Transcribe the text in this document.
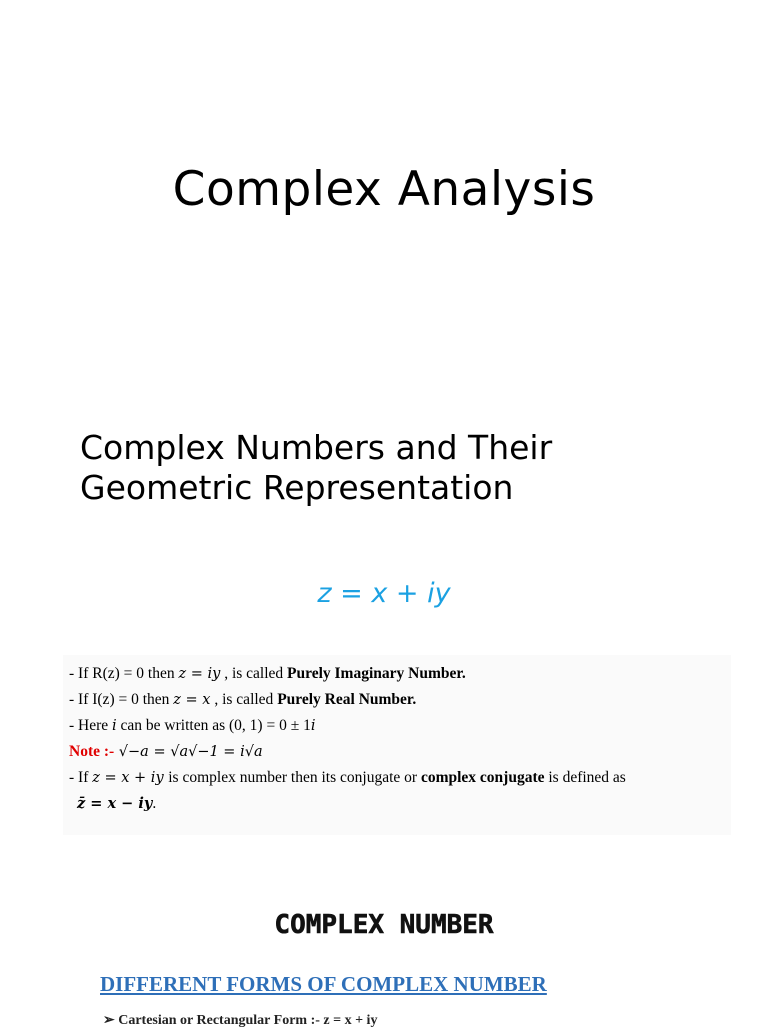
Complex Analysis
Complex Numbers and Their
Geometric Representation
z = x + iy
- If R(z) = 0 then z = iy , is called Purely Imaginary Number.
- If I(z) = 0 then z = x , is called Purely Real Number.
- Here i can be written as (0, 1) = 0 ± 1i
Note :- √−a = √a√−1 = i√a
- If z = x + iy is complex number then its conjugate or complex conjugate is defined as
z̄ = x − iy.
COMPLEX NUMBER
DIFFERENT FORMS OF COMPLEX NUMBER
➢ Cartesian or Rectangular Form :- z = x + iy
